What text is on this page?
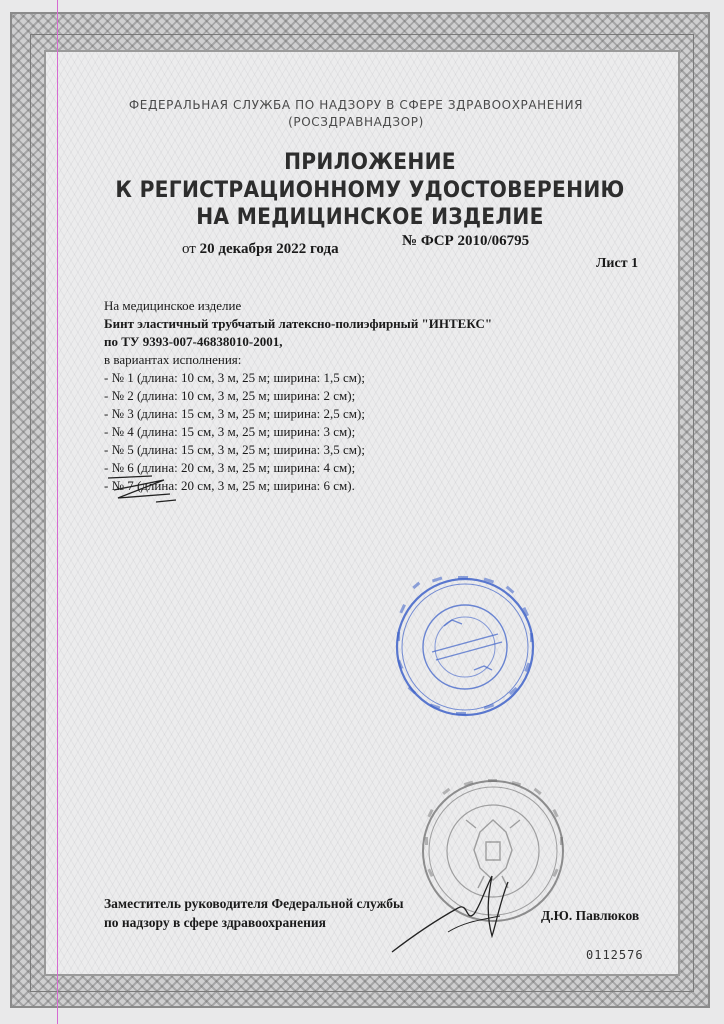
ФЕДЕРАЛЬНАЯ СЛУЖБА ПО НАДЗОРУ В СФЕРЕ ЗДРАВООХРАНЕНИЯ
(РОСЗДРАВНАДЗОР)
ПРИЛОЖЕНИЕ
К РЕГИСТРАЦИОННОМУ УДОСТОВЕРЕНИЮ
НА МЕДИЦИНСКОЕ ИЗДЕЛИЕ
от 20 декабря 2022 года	№ ФСР 2010/06795
Лист 1
На медицинское изделие
Бинт эластичный трубчатый латексно-полиэфирный "ИНТЕКС"
по ТУ 9393-007-46838010-2001,
в вариантах исполнения:
- № 1 (длина: 10 см, 3 м, 25 м; ширина: 1,5 см);
- № 2 (длина: 10 см, 3 м, 25 м; ширина: 2 см);
- № 3 (длина: 15 см, 3 м, 25 м; ширина: 2,5 см);
- № 4 (длина: 15 см, 3 м, 25 м; ширина: 3 см);
- № 5 (длина: 15 см, 3 м, 25 м; ширина: 3,5 см);
- № 6 (длина: 20 см, 3 м, 25 м; ширина: 4 см);
- № 7 (длина: 20 см, 3 м, 25 м; ширина: 6 см).
Заместитель руководителя Федеральной службы
по надзору в сфере здравоохранения	Д.Ю. Павлюков
0112576
